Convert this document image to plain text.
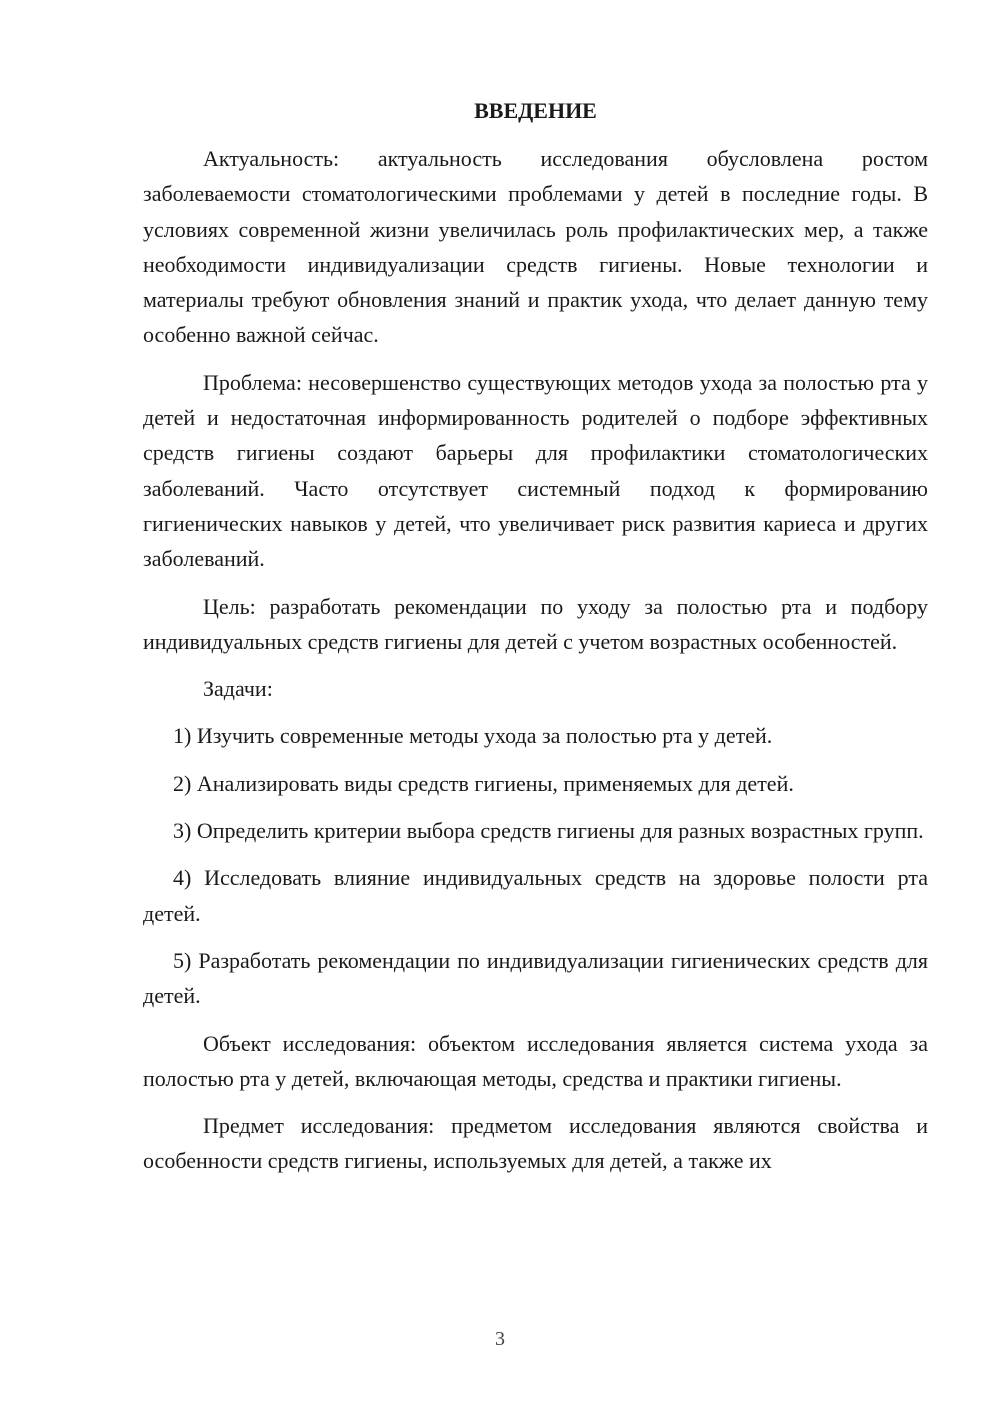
ВВЕДЕНИЕ

Актуальность: актуальность исследования обусловлена ростом заболеваемости стоматологическими проблемами у детей в последние годы. В условиях современной жизни увеличилась роль профилактических мер, а также необходимости индивидуализации средств гигиены. Новые технологии и материалы требуют обновления знаний и практик ухода, что делает данную тему особенно важной сейчас.

Проблема: несовершенство существующих методов ухода за полостью рта у детей и недостаточная информированность родителей о подборе эффективных средств гигиены создают барьеры для профилактики стоматологических заболеваний. Часто отсутствует системный подход к формированию гигиенических навыков у детей, что увеличивает риск развития кариеса и других заболеваний.

Цель: разработать рекомендации по уходу за полостью рта и подбору индивидуальных средств гигиены для детей с учетом возрастных особенностей.

Задачи:

1) Изучить современные методы ухода за полостью рта у детей.

2) Анализировать виды средств гигиены, применяемых для детей.

3) Определить критерии выбора средств гигиены для разных возрастных групп.

4) Исследовать влияние индивидуальных средств на здоровье полости рта детей.

5) Разработать рекомендации по индивидуализации гигиенических средств для детей.

Объект исследования: объектом исследования является система ухода за полостью рта у детей, включающая методы, средства и практики гигиены.

Предмет исследования: предметом исследования являются свойства и особенности средств гигиены, используемых для детей, а также их

3
